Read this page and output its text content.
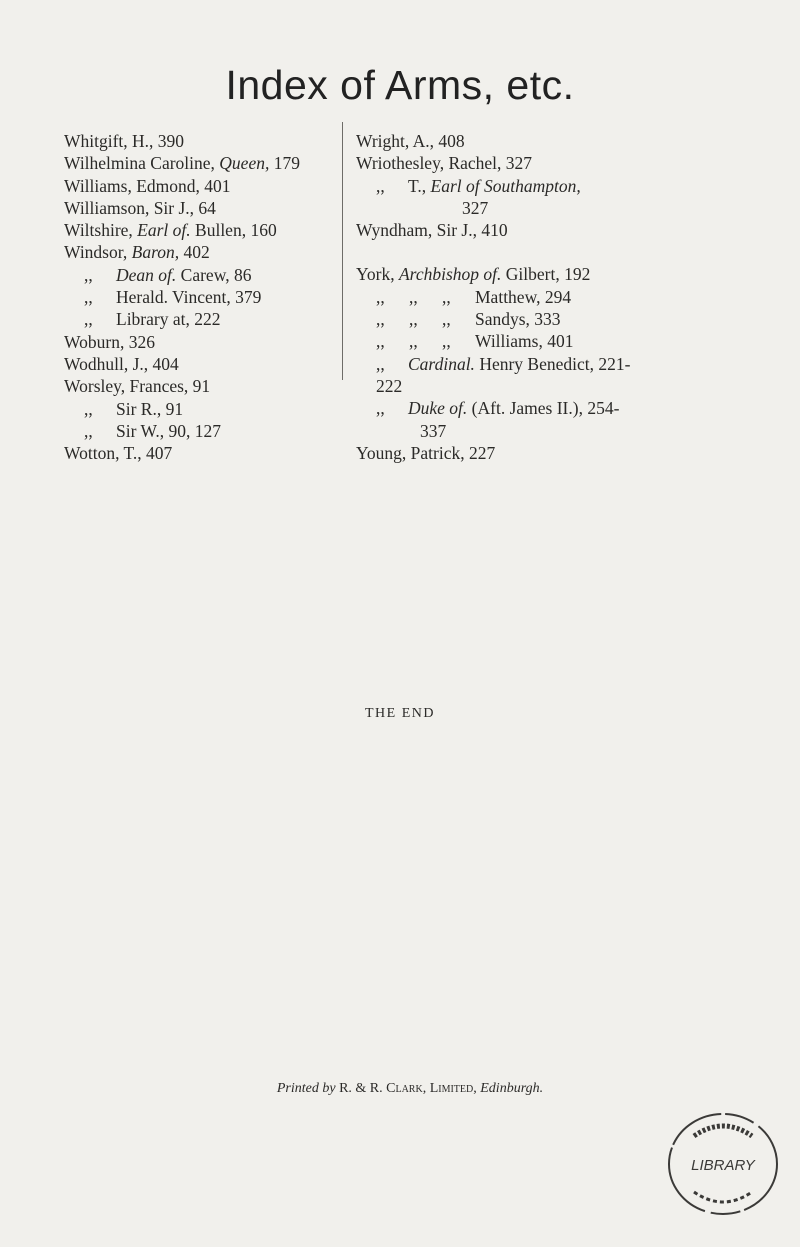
Index of Arms, etc.
Whitgift, H., 390
Wilhelmina Caroline, Queen, 179
Williams, Edmond, 401
Williamson, Sir J., 64
Wiltshire, Earl of. Bullen, 160
Windsor, Baron, 402
,, Dean of. Carew, 86
,, Herald. Vincent, 379
,, Library at, 222
Woburn, 326
Wodhull, J., 404
Worsley, Frances, 91
,, Sir R., 91
,, Sir W., 90, 127
Wotton, T., 407
Wright, A., 408
Wriothesley, Rachel, 327
,, T., Earl of Southampton,
327
Wyndham, Sir J., 410
York, Archbishop of. Gilbert, 192
,, ,, ,, Matthew, 294
,, ,, ,, Sandys, 333
,, ,, ,, Williams, 401
,, Cardinal. Henry Benedict, 221-
222
,, Duke of. (Aft. James II.), 254-
337
Young, Patrick, 227
THE END
Printed by R. & R. Clark, Limited, Edinburgh.
LIBRARY
